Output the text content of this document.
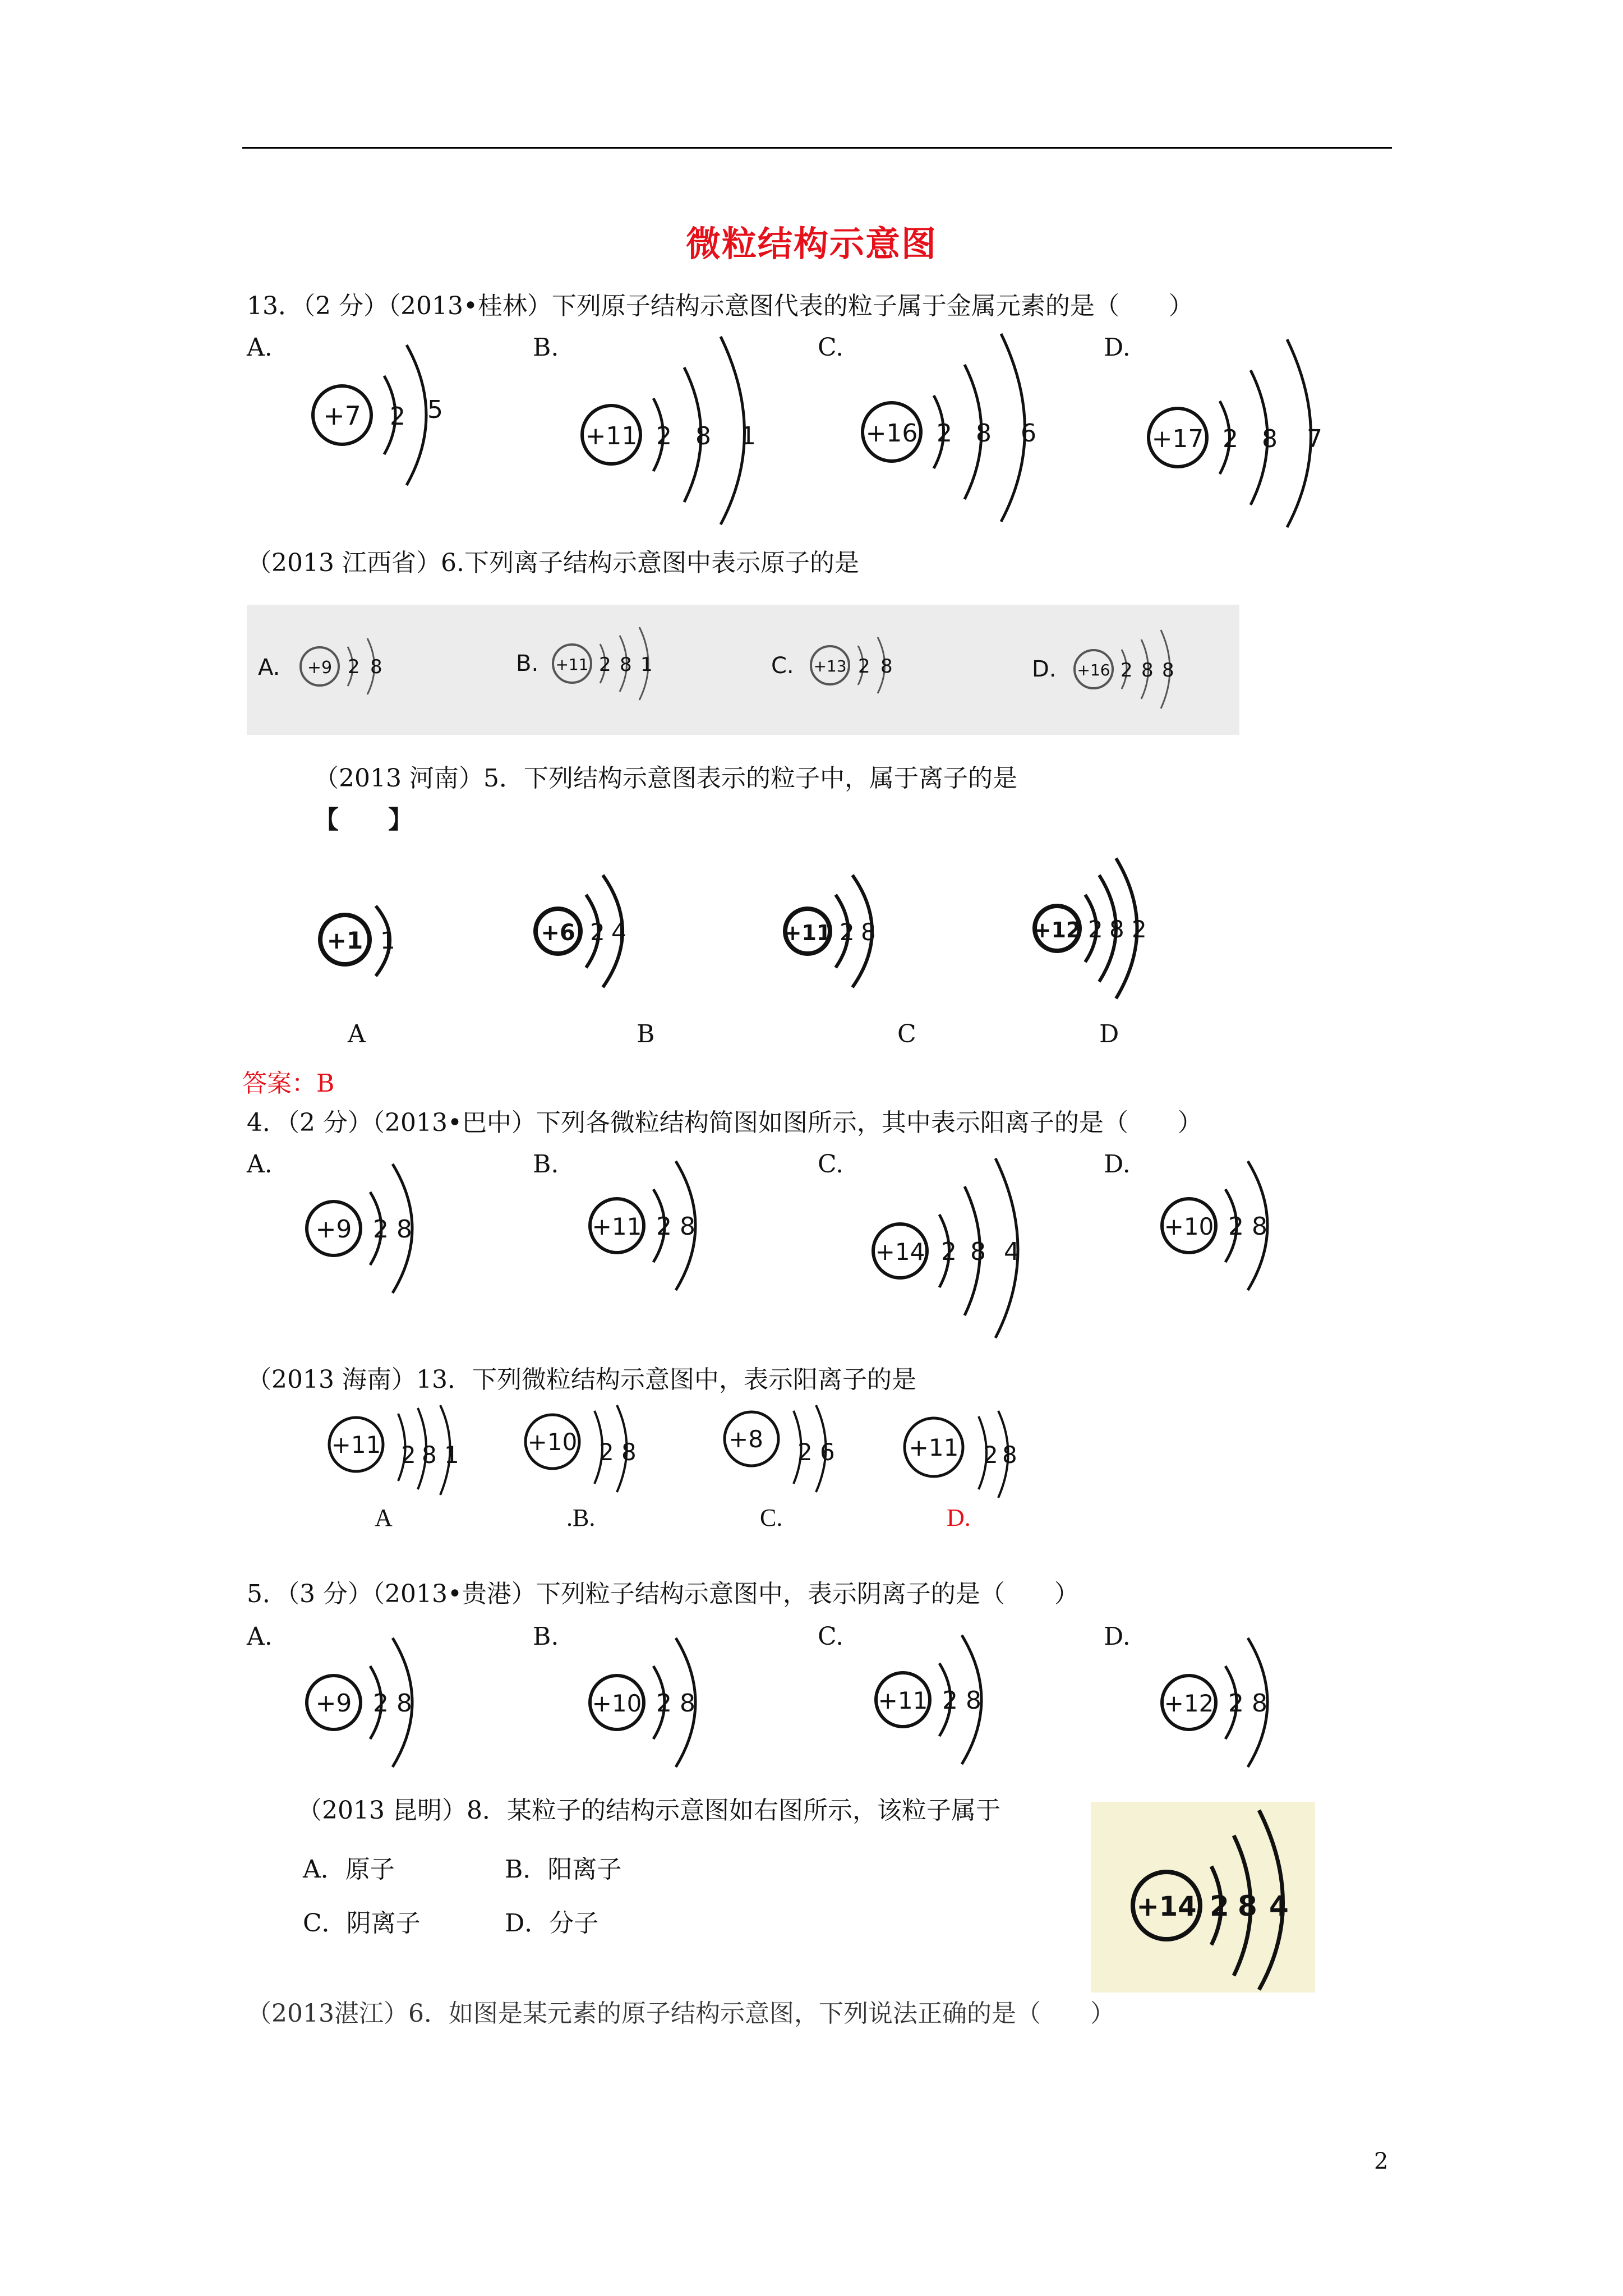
微粒结构示意图
13．（2 分）（2013•桂林）下列原子结构示意图代表的粒子属于金属元素的是（　　）
A.	B.	C.	D.
+7 2 5
+11 2 8 1	+16 2 8 6	+17 2 8 7
（2013 江西省）6.下列离子结构示意图中表示原子的是
A. +9 2 8	B. +11 2 8 1	C. +13 2 8	D. +16 2 8 8
（2013 河南）5．下列结构示意图表示的粒子中，属于离子的是
【　　】
+1 1	+6 2 4	+11 2 8	+12 2 8 2
A	B	C	D
答案：B
4．（2 分）（2013•巴中）下列各微粒结构简图如图所示，其中表示阳离子的是（　　）
A.	B.	C.	D.
+9 2 8	+11 2 8
+14 2 8 4
+10 2 8
（2013 海南）13．下列微粒结构示意图中，表示阳离子的是
+11 2 8 1	+10 2 8	+8 2 6	+11 2 8
A	.B.	C.	D.
5．（3 分）（2013•贵港）下列粒子结构示意图中，表示阴离子的是（　　）
A.	B.	C.	D.
+9 2 8	+10 2 8	+11 2 8	+12 2 8
（2013 昆明）8．某粒子的结构示意图如右图所示，该粒子属于
A．原子	B．阳离子
C．阴离子	D．分子
+14 2 8 4
（2013湛江）6．如图是某元素的原子结构示意图，下列说法正确的是（　　）
2
